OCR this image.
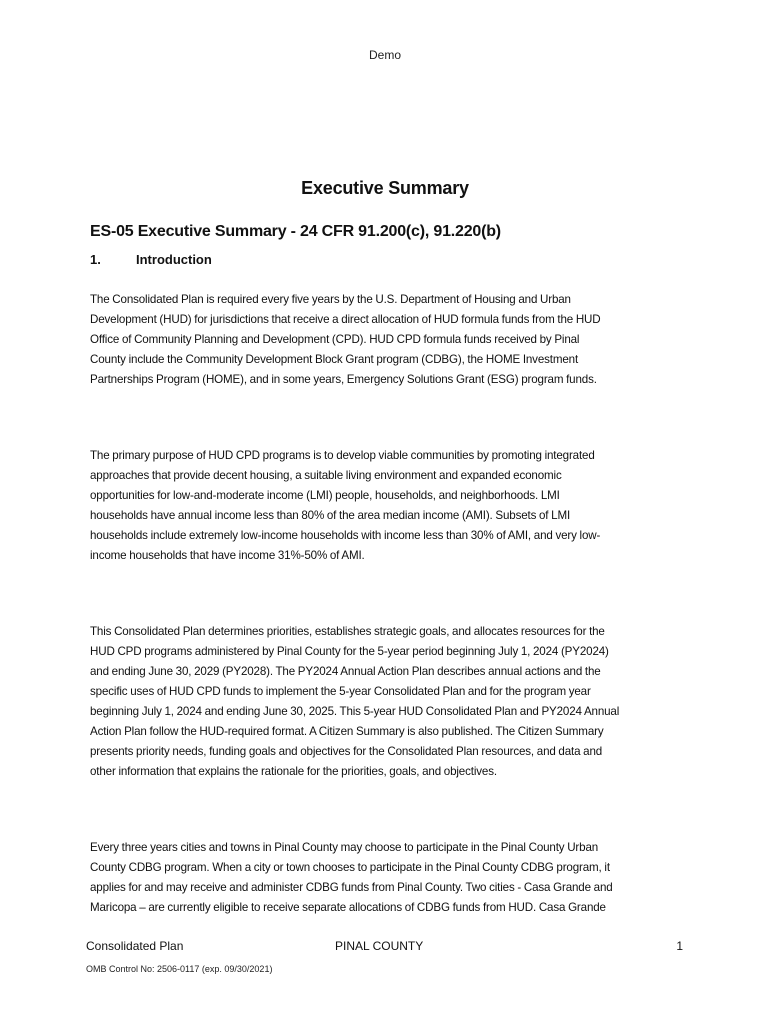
Demo
Executive Summary
ES-05 Executive Summary - 24 CFR 91.200(c), 91.220(b)
1.	Introduction
The Consolidated Plan is required every five years by the U.S. Department of Housing and Urban
Development (HUD) for jurisdictions that receive a direct allocation of HUD formula funds from the HUD
Office of Community Planning and Development (CPD). HUD CPD formula funds received by Pinal
County include the Community Development Block Grant program (CDBG), the HOME Investment
Partnerships Program (HOME), and in some years, Emergency Solutions Grant (ESG) program funds.
The primary purpose of HUD CPD programs is to develop viable communities by promoting integrated
approaches that provide decent housing, a suitable living environment and expanded economic
opportunities for low-and-moderate income (LMI) people, households, and neighborhoods. LMI
households have annual income less than 80% of the area median income (AMI). Subsets of LMI
households include extremely low-income households with income less than 30% of AMI, and very low-
income households that have income 31%-50% of AMI.
This Consolidated Plan determines priorities, establishes strategic goals, and allocates resources for the
HUD CPD programs administered by Pinal County for the 5-year period beginning July 1, 2024 (PY2024)
and ending June 30, 2029 (PY2028). The PY2024 Annual Action Plan describes annual actions and the
specific uses of HUD CPD funds to implement the 5-year Consolidated Plan and for the program year
beginning July 1, 2024 and ending June 30, 2025. This 5-year HUD Consolidated Plan and PY2024 Annual
Action Plan follow the HUD-required format. A Citizen Summary is also published. The Citizen Summary
presents priority needs, funding goals and objectives for the Consolidated Plan resources, and data and
other information that explains the rationale for the priorities, goals, and objectives.
Every three years cities and towns in Pinal County may choose to participate in the Pinal County Urban
County CDBG program. When a city or town chooses to participate in the Pinal County CDBG program, it
applies for and may receive and administer CDBG funds from Pinal County. Two cities - Casa Grande and
Maricopa – are currently eligible to receive separate allocations of CDBG funds from HUD. Casa Grande
Consolidated Plan	PINAL COUNTY	1
OMB Control No: 2506-0117 (exp. 09/30/2021)
